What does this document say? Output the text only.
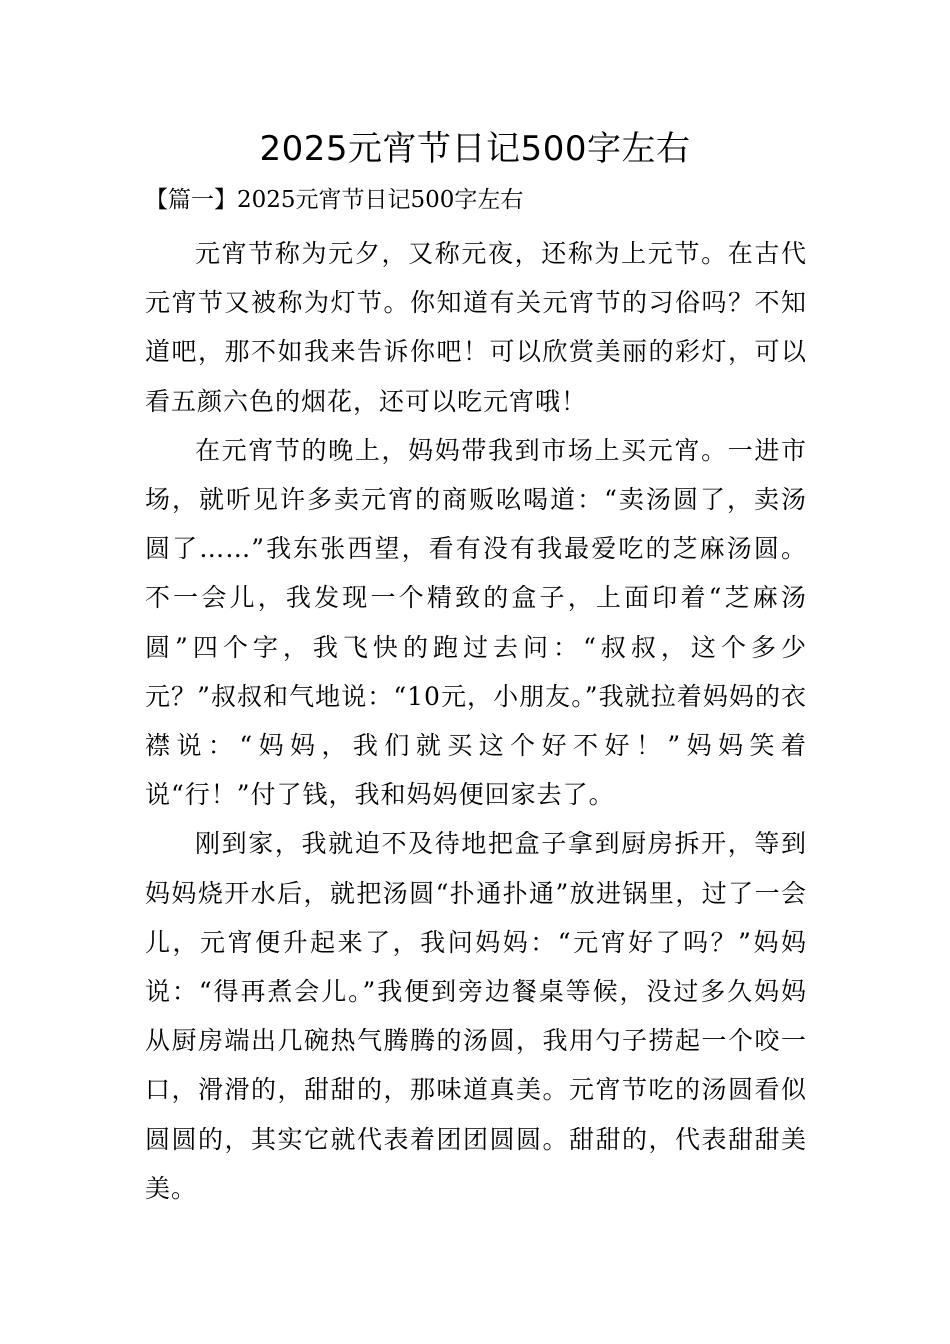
2025元宵节日记500字左右
【篇一】2025元宵节日记500字左右

元宵节称为元夕，又称元夜，还称为上元节。在古代元宵节又被称为灯节。你知道有关元宵节的习俗吗？不知道吧，那不如我来告诉你吧！可以欣赏美丽的彩灯，可以看五颜六色的烟花，还可以吃元宵哦！

在元宵节的晚上，妈妈带我到市场上买元宵。一进市场，就听见许多卖元宵的商贩吆喝道：“卖汤圆了，卖汤圆了……”我东张西望，看有没有我最爱吃的芝麻汤圆。不一会儿，我发现一个精致的盒子，上面印着“芝麻汤圆”四个字，我飞快的跑过去问：“叔叔，这个多少元？”叔叔和气地说：“10元，小朋友。”我就拉着妈妈的衣襟说：“妈妈，我们就买这个好不好！”妈妈笑着说“行！”付了钱，我和妈妈便回家去了。

刚到家，我就迫不及待地把盒子拿到厨房拆开，等到妈妈烧开水后，就把汤圆“扑通扑通”放进锅里，过了一会儿，元宵便升起来了，我问妈妈：“元宵好了吗？”妈妈说：“得再煮会儿。”我便到旁边餐桌等候，没过多久妈妈从厨房端出几碗热气腾腾的汤圆，我用勺子捞起一个咬一口，滑滑的，甜甜的，那味道真美。元宵节吃的汤圆看似圆圆的，其实它就代表着团团圆圆。甜甜的，代表甜甜美美。
